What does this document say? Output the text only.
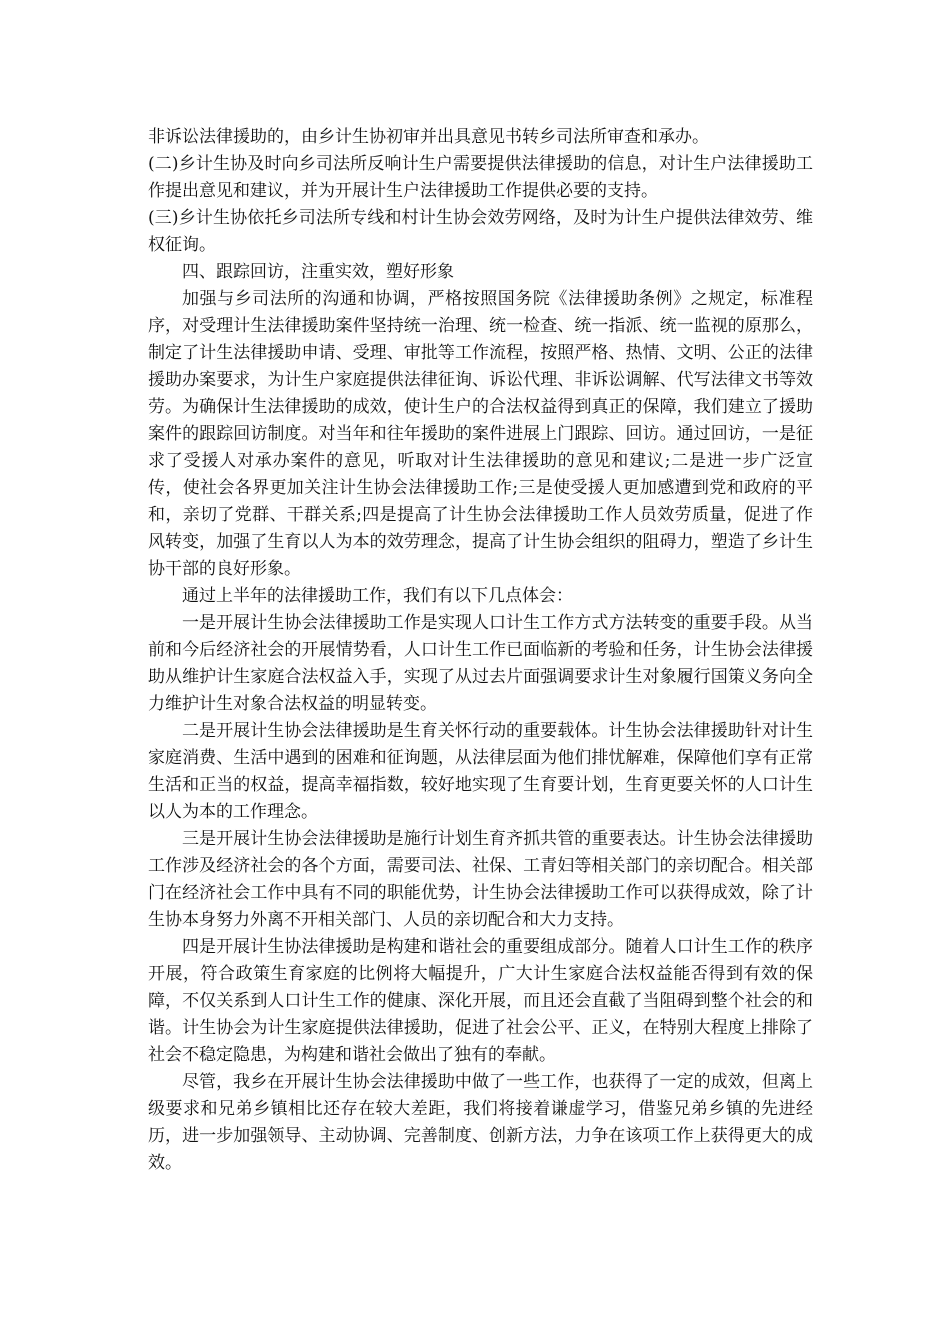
非诉讼法律援助的，由乡计生协初审并出具意见书转乡司法所审查和承办。

(二)乡计生协及时向乡司法所反响计生户需要提供法律援助的信息，对计生户法律援助工作提出意见和建议，并为开展计生户法律援助工作提供必要的支持。

(三)乡计生协依托乡司法所专线和村计生协会效劳网络，及时为计生户提供法律效劳、维权征询。

四、跟踪回访，注重实效，塑好形象

加强与乡司法所的沟通和协调，严格按照国务院《法律援助条例》之规定，标准程序，对受理计生法律援助案件坚持统一治理、统一检查、统一指派、统一监视的原那么，制定了计生法律援助申请、受理、审批等工作流程，按照严格、热情、文明、公正的法律援助办案要求，为计生户家庭提供法律征询、诉讼代理、非诉讼调解、代写法律文书等效劳。为确保计生法律援助的成效，使计生户的合法权益得到真正的保障，我们建立了援助案件的跟踪回访制度。对当年和往年援助的案件进展上门跟踪、回访。通过回访，一是征求了受援人对承办案件的意见，听取对计生法律援助的意见和建议;二是进一步广泛宣传，使社会各界更加关注计生协会法律援助工作;三是使受援人更加感遭到党和政府的平和，亲切了党群、干群关系;四是提高了计生协会法律援助工作人员效劳质量，促进了作风转变，加强了生育以人为本的效劳理念，提高了计生协会组织的阻碍力，塑造了乡计生协干部的良好形象。

通过上半年的法律援助工作，我们有以下几点体会：

一是开展计生协会法律援助工作是实现人口计生工作方式方法转变的重要手段。从当前和今后经济社会的开展情势看，人口计生工作已面临新的考验和任务，计生协会法律援助从维护计生家庭合法权益入手，实现了从过去片面强调要求计生对象履行国策义务向全力维护计生对象合法权益的明显转变。

二是开展计生协会法律援助是生育关怀行动的重要载体。计生协会法律援助针对计生家庭消费、生活中遇到的困难和征询题，从法律层面为他们排忧解难，保障他们享有正常生活和正当的权益，提高幸福指数，较好地实现了生育要计划，生育更要关怀的人口计生以人为本的工作理念。

三是开展计生协会法律援助是施行计划生育齐抓共管的重要表达。计生协会法律援助工作涉及经济社会的各个方面，需要司法、社保、工青妇等相关部门的亲切配合。相关部门在经济社会工作中具有不同的职能优势，计生协会法律援助工作可以获得成效，除了计生协本身努力外离不开相关部门、人员的亲切配合和大力支持。

四是开展计生协法律援助是构建和谐社会的重要组成部分。随着人口计生工作的秩序开展，符合政策生育家庭的比例将大幅提升，广大计生家庭合法权益能否得到有效的保障，不仅关系到人口计生工作的健康、深化开展，而且还会直截了当阻碍到整个社会的和谐。计生协会为计生家庭提供法律援助，促进了社会公平、正义，在特别大程度上排除了社会不稳定隐患，为构建和谐社会做出了独有的奉献。

尽管，我乡在开展计生协会法律援助中做了一些工作，也获得了一定的成效，但离上级要求和兄弟乡镇相比还存在较大差距，我们将接着谦虚学习，借鉴兄弟乡镇的先进经历，进一步加强领导、主动协调、完善制度、创新方法，力争在该项工作上获得更大的成效。
